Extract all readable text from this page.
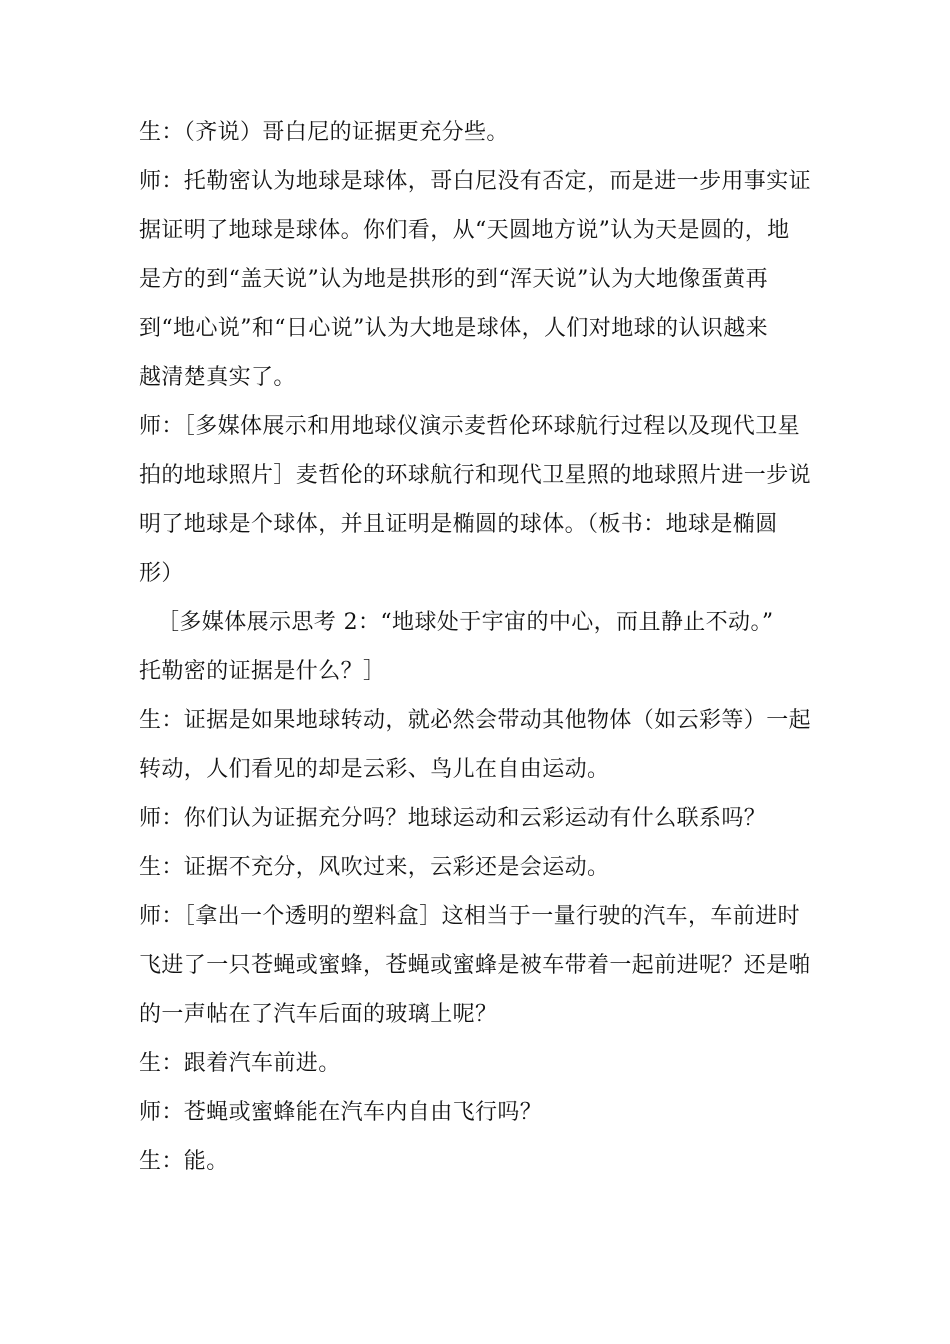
生：（齐说）哥白尼的证据更充分些。
师：托勒密认为地球是球体，哥白尼没有否定，而是进一步用事实证
据证明了地球是球体。你们看，从“天圆地方说”认为天是圆的，地
是方的到“盖天说”认为地是拱形的到“浑天说”认为大地像蛋黄再
到“地心说”和“日心说”认为大地是球体，人们对地球的认识越来
越清楚真实了。
师：［多媒体展示和用地球仪演示麦哲伦环球航行过程以及现代卫星
拍的地球照片］麦哲伦的环球航行和现代卫星照的地球照片进一步说
明了地球是个球体，并且证明是椭圆的球体。（板书：地球是椭圆
形）
［多媒体展示思考 2：“地球处于宇宙的中心，而且静止不动。”
托勒密的证据是什么？］
生：证据是如果地球转动，就必然会带动其他物体（如云彩等）一起
转动，人们看见的却是云彩、鸟儿在自由运动。
师：你们认为证据充分吗？地球运动和云彩运动有什么联系吗？
生：证据不充分，风吹过来，云彩还是会运动。
师：［拿出一个透明的塑料盒］这相当于一量行驶的汽车，车前进时
飞进了一只苍蝇或蜜蜂，苍蝇或蜜蜂是被车带着一起前进呢？还是啪
的一声帖在了汽车后面的玻璃上呢？
生：跟着汽车前进。
师：苍蝇或蜜蜂能在汽车内自由飞行吗？
生：能。
